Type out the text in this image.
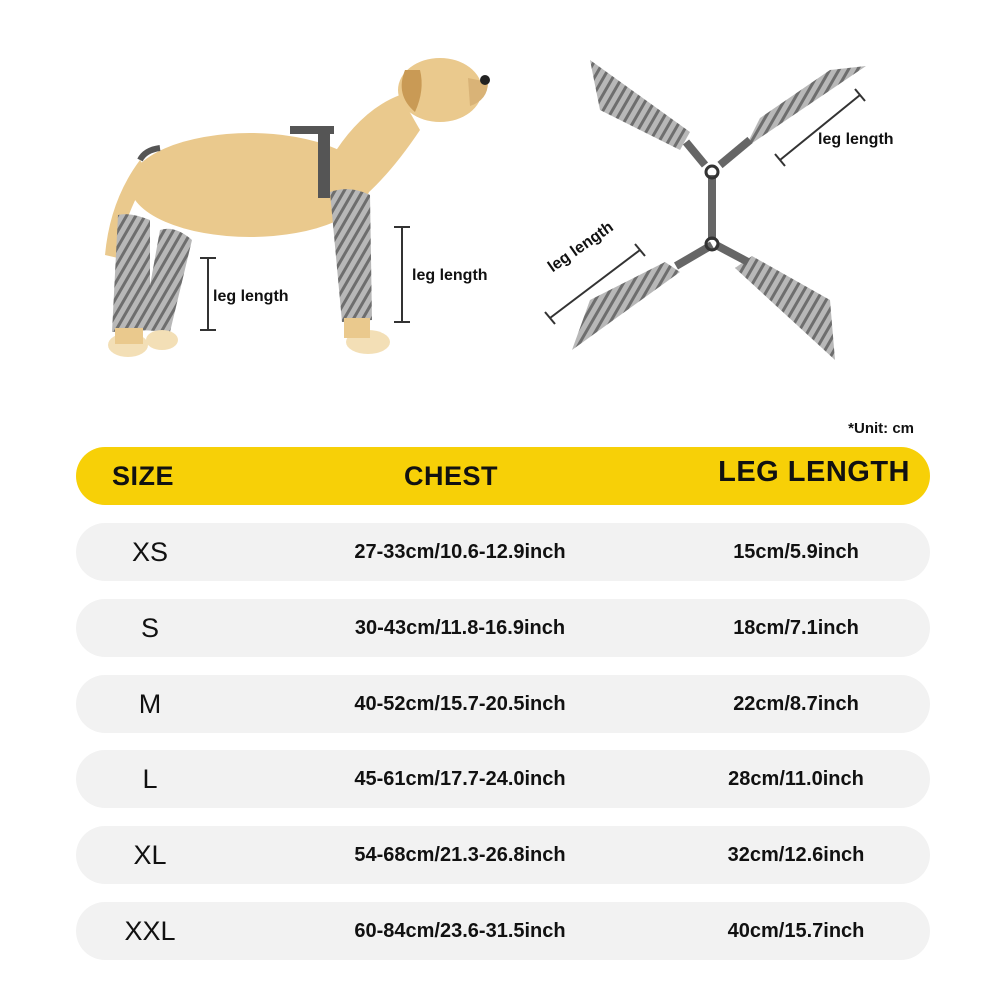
leg length
leg length
leg length
leg length
*Unit: cm
SIZE	CHEST	LEG LENGTH
XS	27-33cm/10.6-12.9inch	15cm/5.9inch
S	30-43cm/11.8-16.9inch	18cm/7.1inch
M	40-52cm/15.7-20.5inch	22cm/8.7inch
L	45-61cm/17.7-24.0inch	28cm/11.0inch
XL	54-68cm/21.3-26.8inch	32cm/12.6inch
XXL	60-84cm/23.6-31.5inch	40cm/15.7inch
